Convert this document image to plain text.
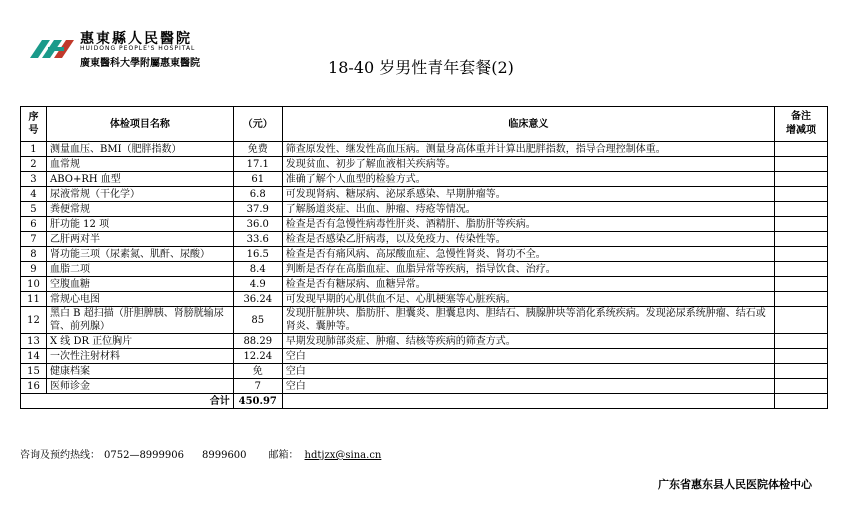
惠東縣人民醫院
HUIDONG PEOPLE'S HOSPITAL
廣東醫科大學附屬惠東醫院	18-40 岁男性青年套餐(2)
序号	体检项目名称	（元）	临床意义	备注
增减项
1	测量血压、BMI（肥胖指数）	免费	筛查原发性、继发性高血压病。测量身高体重并计算出肥胖指数，指导合理控制体重。	
2	血常规	17.1	发现贫血、初步了解血液相关疾病等。	
3	ABO+RH 血型	61	准确了解个人血型的检验方式。	
4	尿液常规（干化学）	6.8	可发现肾病、糖尿病、泌尿系感染、早期肿瘤等。	
5	粪便常规	37.9	了解肠道炎症、出血、肿瘤、痔疮等情况。	
6	肝功能 12 项	36.0	检查是否有急慢性病毒性肝炎、酒精肝、脂肪肝等疾病。	
7	乙肝两对半	33.6	检查是否感染乙肝病毒，以及免疫力、传染性等。	
8	肾功能三项（尿素氮、肌酐、尿酸）	16.5	检查是否有痛风病、高尿酸血症、急慢性肾炎、肾功不全。	
9	血脂二项	8.4	判断是否存在高脂血症、血脂异常等疾病，指导饮食、治疗。	
10	空腹血糖	4.9	检查是否有糖尿病、血糖异常。	
11	常规心电图	36.24	可发现早期的心肌供血不足、心肌梗塞等心脏疾病。	
12	黑白 B 超扫描（肝胆脾胰、肾膀胱输尿管、前列腺）	85	发现肝脏肿块、脂肪肝、胆囊炎、胆囊息肉、胆结石、胰腺肿块等消化系统疾病。发现泌尿系统肿瘤、结石或肾炎、囊肿等。	
13	X 线 DR 正位胸片	88.29	早期发现肺部炎症、肿瘤、结核等疾病的筛查方式。	
14	一次性注射材料	12.24	空白	
15	健康档案	免	空白	
16	医师诊金	7	空白	
合计		450.97		
咨询及预约热线： 0752—8999906 8999600 邮箱： hdtjzx@sina.cn
广东省惠东县人民医院体检中心
